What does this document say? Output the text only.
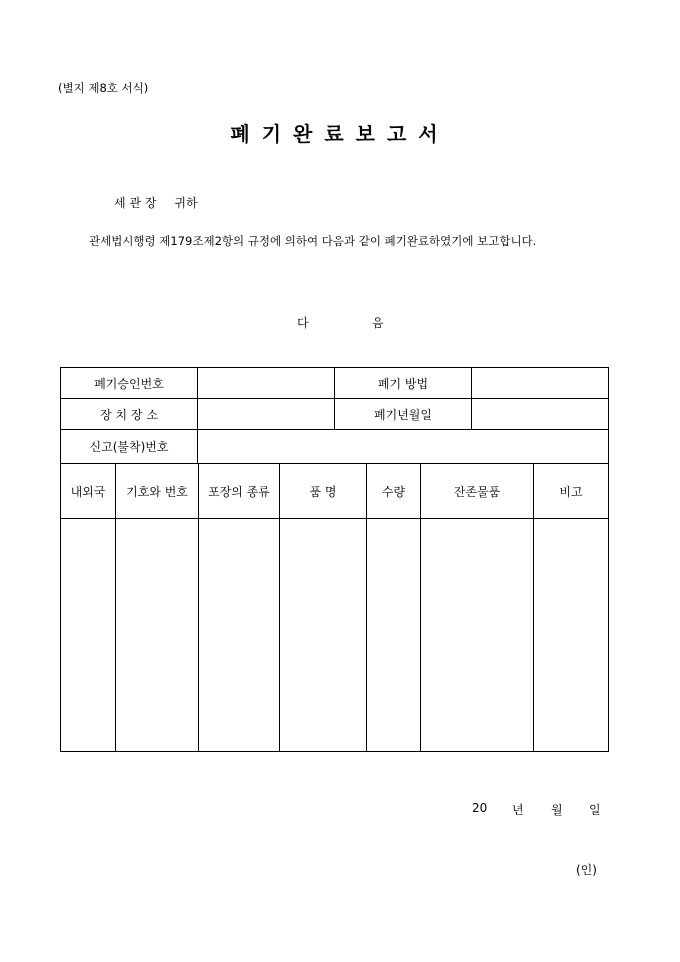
(별지 제8호 서식)
폐기완료보고서
세 관 장 귀하
관세법시행령 제179조제2항의 규정에 의하여 다음과 같이 폐기완료하였기에 보고합니다.
다	음
폐기승인번호		폐기 방법	
장 치 장 소		폐기년월일	
신고(불착)번호			
내외국	기호와 번호	포장의 종류	품 명	수량	잔존물품	비고

20 년 월 일
(인)
